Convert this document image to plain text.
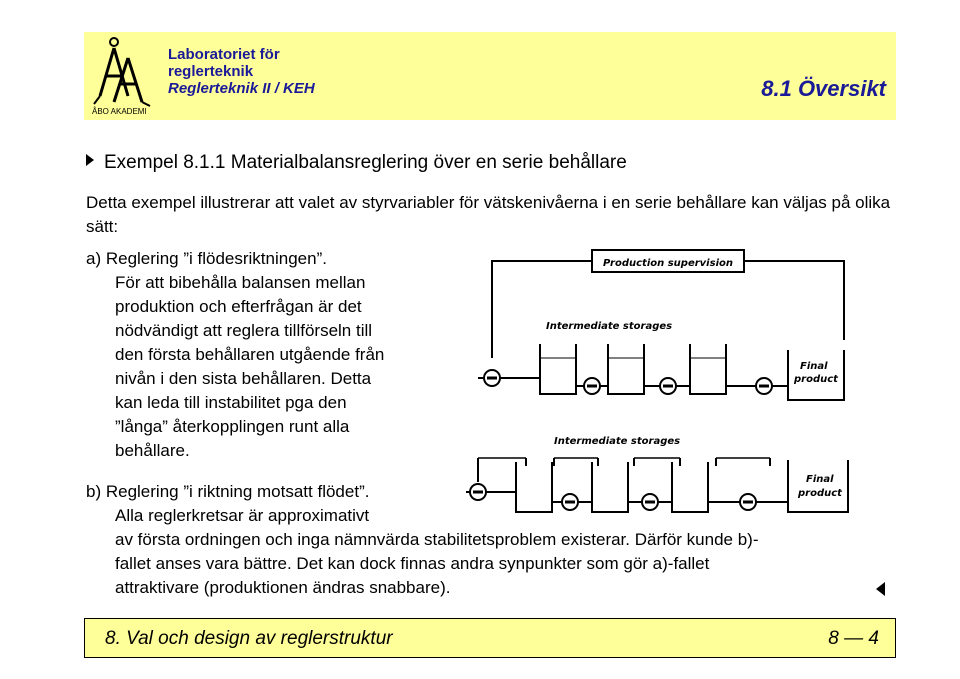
ÅBO AKADEMI
Laboratoriet för
reglerteknik
Reglerteknik II / KEH	8.1 Översikt
Exempel 8.1.1 Materialbalansreglering över en serie behållare
Detta exempel illustrerar att valet av styrvariabler för vätskenivåerna i en serie behållare kan väljas på olika sätt:
a) Reglering ”i flödesriktningen”.
För att bibehålla balansen mellan
produktion och efterfrågan är det
nödvändigt att reglera tillförseln till
den första behållaren utgående från
nivån i den sista behållaren. Detta
kan leda till instabilitet pga den
”långa” återkopplingen runt alla
behållare.
b) Reglering ”i riktning motsatt flödet”.
Alla reglerkretsar är approximativt
av första ordningen och inga nämnvärda stabilitetsproblem existerar. Därför kunde b)-
fallet anses vara bättre. Det kan dock finnas andra synpunkter som gör a)-fallet
attraktivare (produktionen ändras snabbare).
Production supervision
Intermediate storages
Final
product
Intermediate storages
Final
product
8. Val och design av reglerstruktur	8 — 4
